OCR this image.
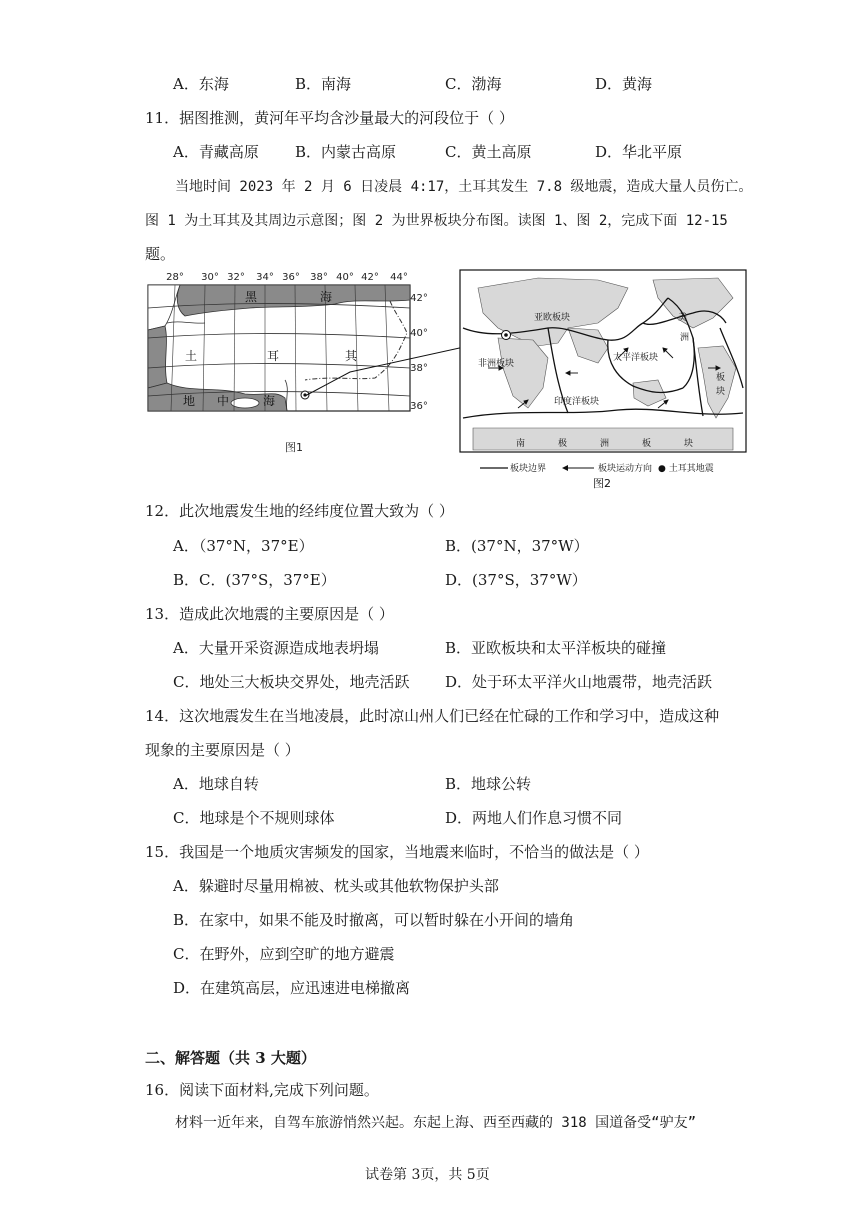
A．东海	B．南海	C．渤海	D．黄海
11．据图推测，黄河年平均含沙量最大的河段位于（ ）
A．青藏高原 B．内蒙古高原	C．黄土高原	D．华北平原
当地时间 2023 年 2 月 6 日凌晨 4:17，土耳其发生 7.8 级地震，造成大量人员伤亡。
图 1 为土耳其及其周边示意图；图 2 为世界板块分布图。读图 1、图 2，完成下面 12-15
题。
28° 30° 32° 34° 36° 38° 40° 42° 44°
42°
40°
38°
36°
黑	海
土	耳	其
地 中	海
图1
亚欧板块
非洲板块
太平洋板块
印度洋板块
美
洲
板
块
南	极	洲	板	块
板块边界	板块运动方向 ● 土耳其地震
图2
12．此次地震发生地的经纬度位置大致为（ ）
A．（37°N，37°E）	B．(37°N，37°W）
B．C．(37°S，37°E）	D．(37°S，37°W）
13．造成此次地震的主要原因是（ ）
A．大量开采资源造成地表坍塌	B．亚欧板块和太平洋板块的碰撞
C．地处三大板块交界处，地壳活跃 D．处于环太平洋火山地震带，地壳活跃
14．这次地震发生在当地凌晨，此时凉山州人们已经在忙碌的工作和学习中，造成这种
现象的主要原因是（ ）
A．地球自转	B．地球公转
C．地球是个不规则球体	D．两地人们作息习惯不同
15．我国是一个地质灾害频发的国家，当地震来临时，不恰当的做法是（ ）
A．躲避时尽量用棉被、枕头或其他软物保护头部
B．在家中，如果不能及时撤离，可以暂时躲在小开间的墙角
C．在野外，应到空旷的地方避震
D．在建筑高层，应迅速进电梯撤离
二、解答题（共 3 大题）
16．阅读下面材料,完成下列问题。
材料一近年来，自驾车旅游悄然兴起。东起上海、西至西藏的 318 国道备受“驴友”
试卷第 3页，共 5页
